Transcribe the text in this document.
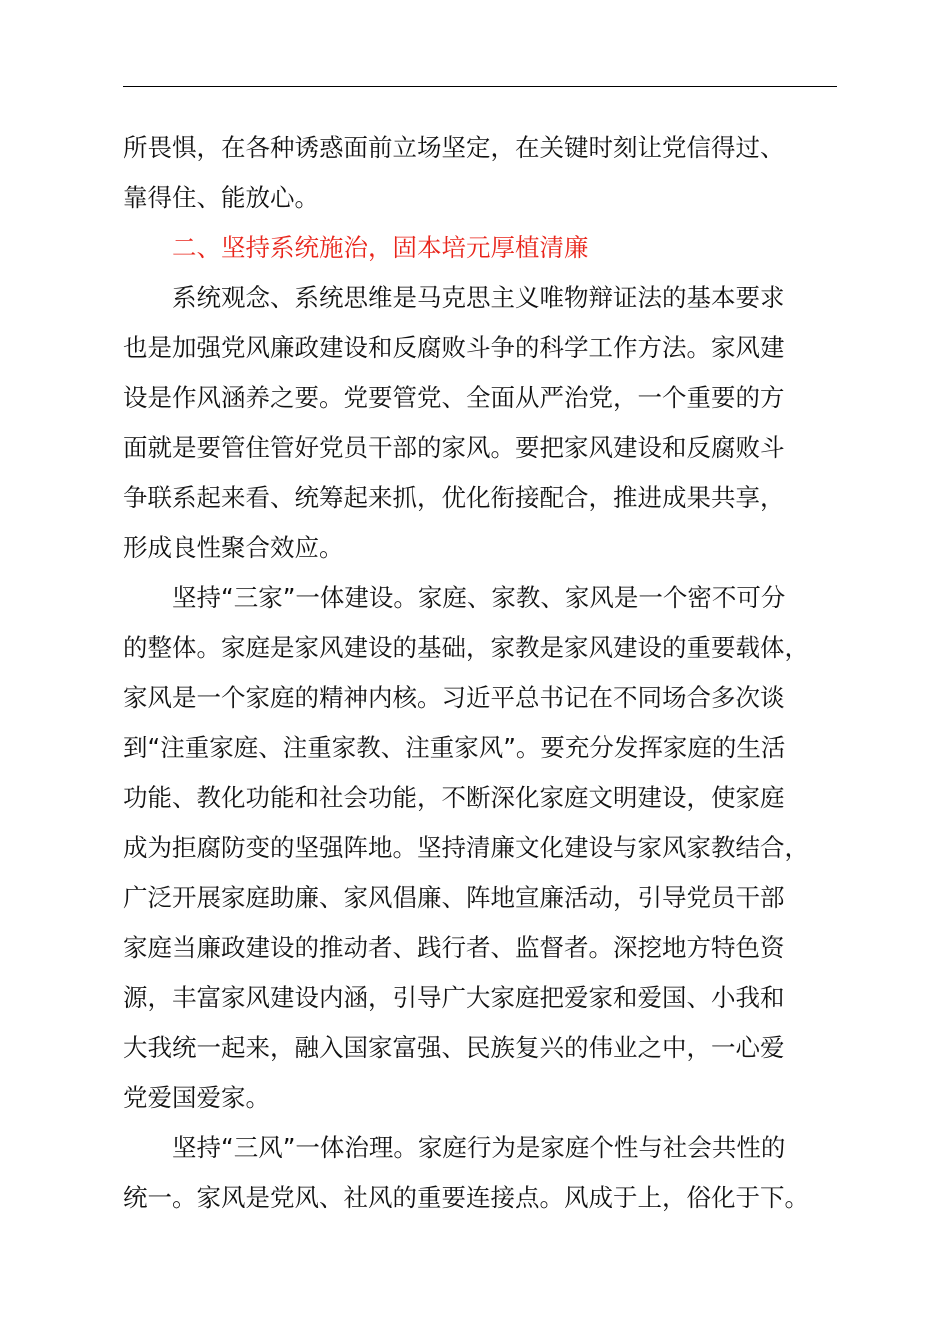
所畏惧，在各种诱惑面前立场坚定，在关键时刻让党信得过、
靠得住、能放心。
二、坚持系统施治，固本培元厚植清廉
系统观念、系统思维是马克思主义唯物辩证法的基本要求
也是加强党风廉政建设和反腐败斗争的科学工作方法。家风建
设是作风涵养之要。党要管党、全面从严治党，一个重要的方
面就是要管住管好党员干部的家风。要把家风建设和反腐败斗
争联系起来看、统筹起来抓，优化衔接配合，推进成果共享，
形成良性聚合效应。
坚持“三家”一体建设。家庭、家教、家风是一个密不可分
的整体。家庭是家风建设的基础，家教是家风建设的重要载体，
家风是一个家庭的精神内核。习近平总书记在不同场合多次谈
到“注重家庭、注重家教、注重家风”。要充分发挥家庭的生活
功能、教化功能和社会功能，不断深化家庭文明建设，使家庭
成为拒腐防变的坚强阵地。坚持清廉文化建设与家风家教结合，
广泛开展家庭助廉、家风倡廉、阵地宣廉活动，引导党员干部
家庭当廉政建设的推动者、践行者、监督者。深挖地方特色资
源，丰富家风建设内涵，引导广大家庭把爱家和爱国、小我和
大我统一起来，融入国家富强、民族复兴的伟业之中，一心爱
党爱国爱家。
坚持“三风”一体治理。家庭行为是家庭个性与社会共性的
统一。家风是党风、社风的重要连接点。风成于上，俗化于下。
